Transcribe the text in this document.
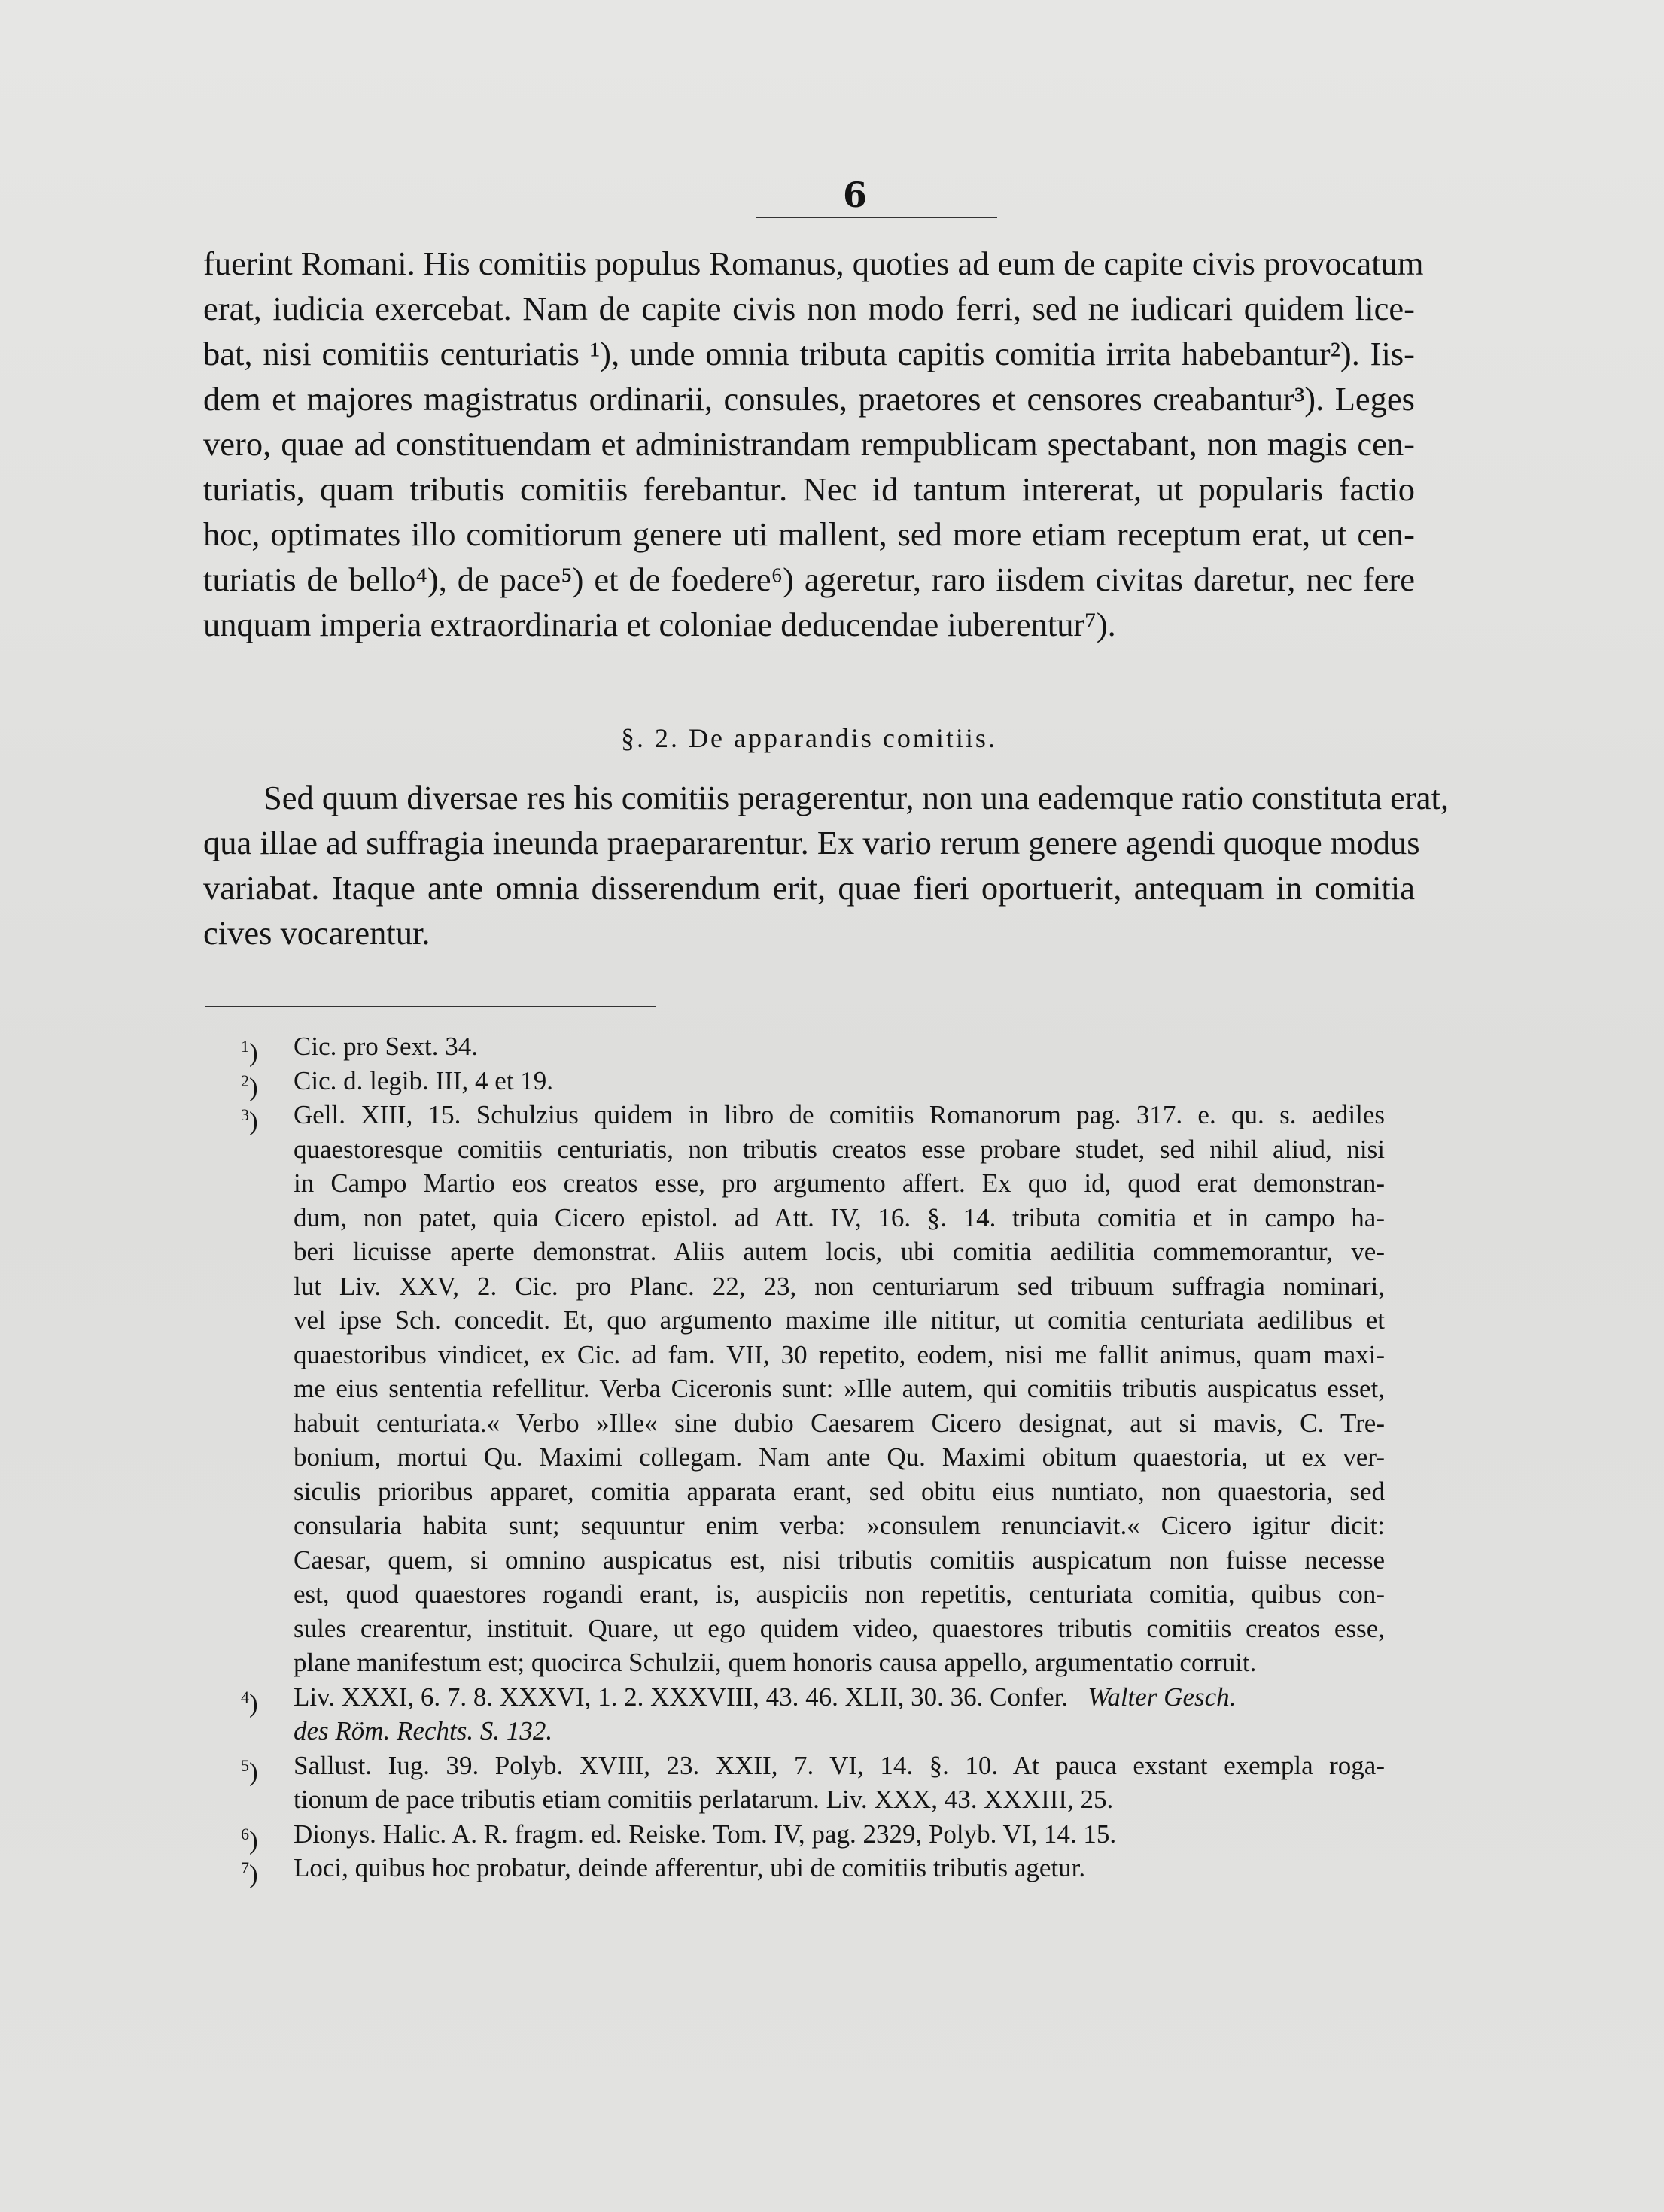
6
fuerint Romani. His comitiis populus Romanus, quoties ad eum de capite civis provocatum
erat, iudicia exercebat. Nam de capite civis non modo ferri, sed ne iudicari quidem lice-
bat, nisi comitiis centuriatis ¹), unde omnia tributa capitis comitia irrita habebantur²). Iis-
dem et majores magistratus ordinarii, consules, praetores et censores creabantur³). Leges
vero, quae ad constituendam et administrandam rempublicam spectabant, non magis cen-
turiatis, quam tributis comitiis ferebantur. Nec id tantum intererat, ut popularis factio
hoc, optimates illo comitiorum genere uti mallent, sed more etiam receptum erat, ut cen-
turiatis de bello⁴), de pace⁵) et de foedere⁶) ageretur, raro iisdem civitas daretur, nec fere
unquam imperia extraordinaria et coloniae deducendae iuberentur⁷).
§. 2. De apparandis comitiis.
Sed quum diversae res his comitiis peragerentur, non una eademque ratio constituta erat,
qua illae ad suffragia ineunda praepararentur. Ex vario rerum genere agendi quoque modus
variabat. Itaque ante omnia disserendum erit, quae fieri oportuerit, antequam in comitia
cives vocarentur.
$^1$)	Cic. pro Sext. 34.
$^2$)	Cic. d. legib. III, 4 et 19.
$^3$)	Gell. XIII, 15. Schulzius quidem in libro de comitiis Romanorum pag. 317. e. qu. s. aediles
quaestoresque comitiis centuriatis, non tributis creatos esse probare studet, sed nihil aliud, nisi
in Campo Martio eos creatos esse, pro argumento affert. Ex quo id, quod erat demonstran-
dum, non patet, quia Cicero epistol. ad Att. IV, 16. §. 14. tributa comitia et in campo ha-
beri licuisse aperte demonstrat. Aliis autem locis, ubi comitia aedilitia commemorantur, ve-
lut Liv. XXV, 2. Cic. pro Planc. 22, 23, non centuriarum sed tribuum suffragia nominari,
vel ipse Sch. concedit. Et, quo argumento maxime ille nititur, ut comitia centuriata aedilibus et
quaestoribus vindicet, ex Cic. ad fam. VII, 30 repetito, eodem, nisi me fallit animus, quam maxi-
me eius sententia refellitur. Verba Ciceronis sunt: »Ille autem, qui comitiis tributis auspicatus esset,
habuit centuriata.« Verbo »Ille« sine dubio Caesarem Cicero designat, aut si mavis, C. Tre-
bonium, mortui Qu. Maximi collegam. Nam ante Qu. Maximi obitum quaestoria, ut ex ver-
siculis prioribus apparet, comitia apparata erant, sed obitu eius nuntiato, non quaestoria, sed
consularia habita sunt; sequuntur enim verba: »consulem renunciavit.« Cicero igitur dicit:
Caesar, quem, si omnino auspicatus est, nisi tributis comitiis auspicatum non fuisse necesse
est, quod quaestores rogandi erant, is, auspiciis non repetitis, centuriata comitia, quibus con-
sules crearentur, instituit. Quare, ut ego quidem video, quaestores tributis comitiis creatos esse,
plane manifestum est; quocirca Schulzii, quem honoris causa appello, argumentatio corruit.
$^4$)	Liv. XXXI, 6. 7. 8. XXXVI, 1. 2. XXXVIII, 43. 46. XLII, 30. 36. Confer. Walter Gesch.
des Röm. Rechts. S. 132.
$^5$)	Sallust. Iug. 39. Polyb. XVIII, 23. XXII, 7. VI, 14. §. 10. At pauca exstant exempla roga-
tionum de pace tributis etiam comitiis perlatarum. Liv. XXX, 43. XXXIII, 25.
$^6$)	Dionys. Halic. A. R. fragm. ed. Reiske. Tom. IV, pag. 2329, Polyb. VI, 14. 15.
$^7$)	Loci, quibus hoc probatur, deinde afferentur, ubi de comitiis tributis agetur.
